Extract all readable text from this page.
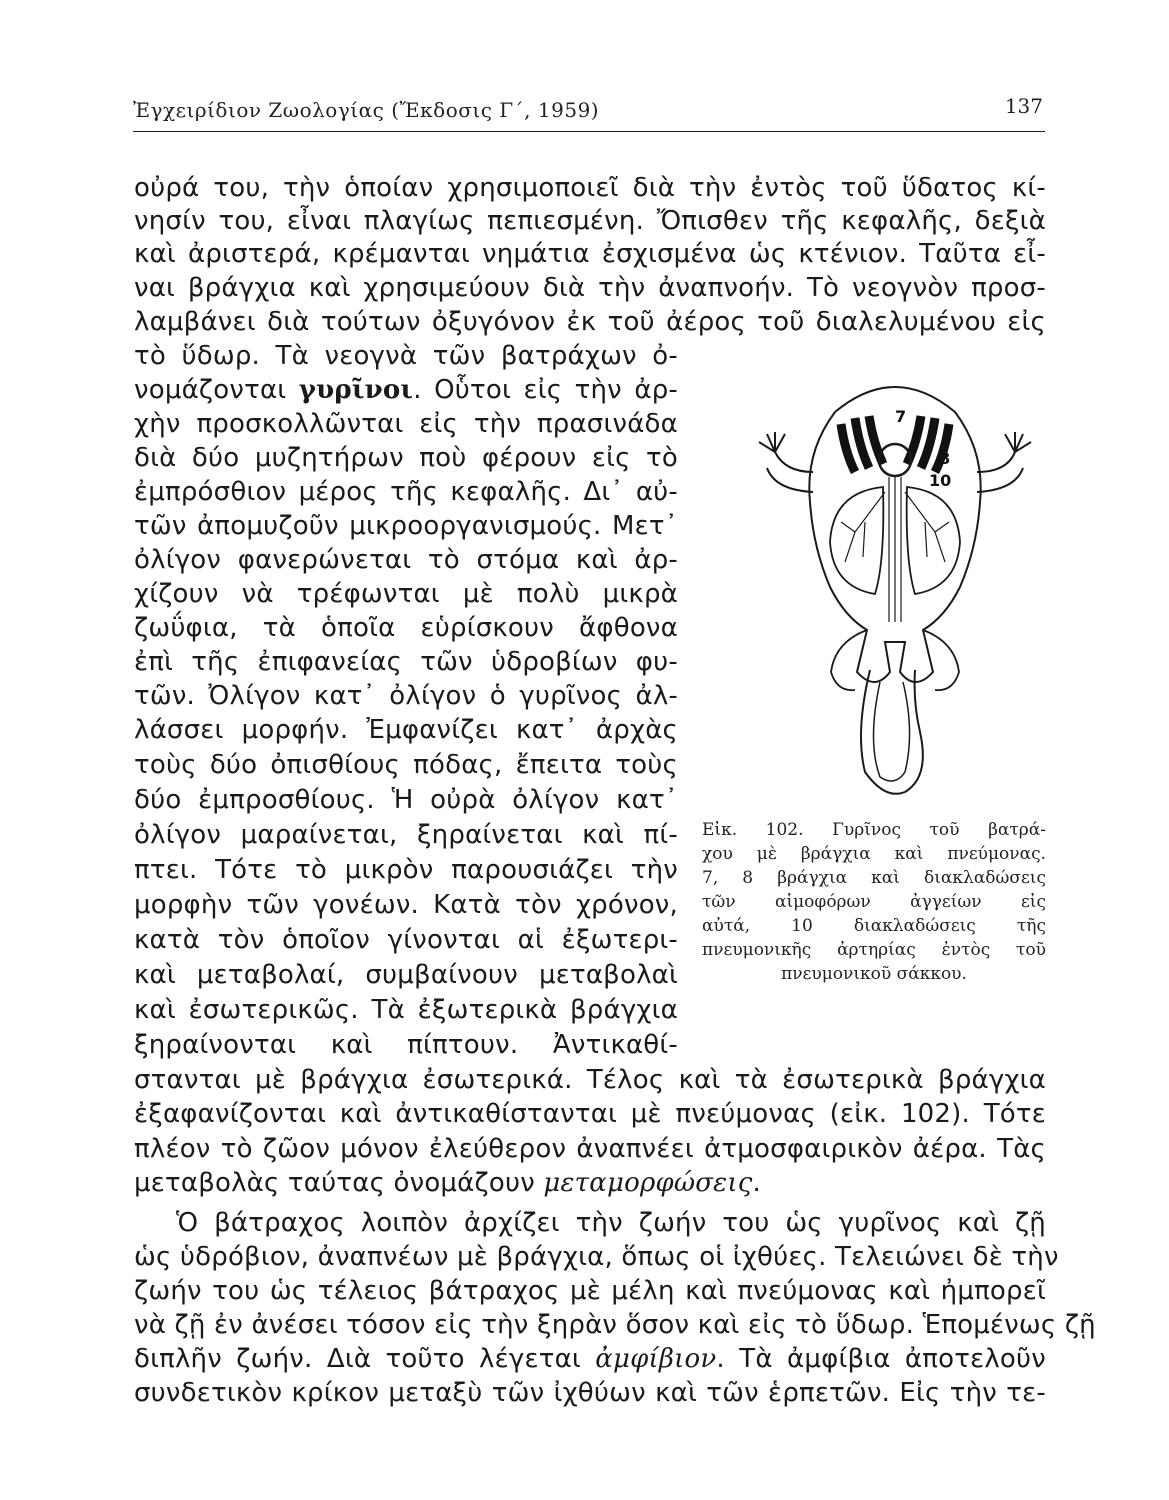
Ἐγχειρίδιον Ζωολογίας (Ἔκδοσις Γ΄, 1959)	137
οὐρά του, τὴν ὁποίαν χρησιμοποιεῖ διὰ τὴν ἐντὸς τοῦ ὕδατος κί-
νησίν του, εἶναι πλαγίως πεπιεσμένη. Ὄπισθεν τῆς κεφαλῆς, δεξιὰ
καὶ ἀριστερά, κρέμανται νημάτια ἐσχισμένα ὡς κτένιον. Ταῦτα εἶ-
ναι βράγχια καὶ χρησιμεύουν διὰ τὴν ἀναπνοήν. Τὸ νεογνὸν προσ-
λαμβάνει διὰ τούτων ὀξυγόνον ἐκ τοῦ ἀέρος τοῦ διαλελυμένου εἰς
τὸ ὕδωρ. Τὰ νεογνὰ τῶν βατράχων ὀ-
νομάζονται γυρῖνοι. Οὗτοι εἰς τὴν ἀρ-
χὴν προσκολλῶνται εἰς τὴν πρασινάδα
διὰ δύο μυζητήρων ποὺ φέρουν εἰς τὸ
ἐμπρόσθιον μέρος τῆς κεφαλῆς. Δι᾿ αὐ-
τῶν ἀπομυζοῦν μικροοργανισμούς. Μετ᾿
ὀλίγον φανερώνεται τὸ στόμα καὶ ἀρ-
χίζουν νὰ τρέφωνται μὲ πολὺ μικρὰ
ζωΰφια, τὰ ὁποῖα εὑρίσκουν ἄφθονα
ἐπὶ τῆς ἐπιφανείας τῶν ὑδροβίων φυ-
τῶν. Ὀλίγον κατ᾿ ὀλίγον ὁ γυρῖνος ἀλ-
λάσσει μορφήν. Ἐμφανίζει κατ᾿ ἀρχὰς
τοὺς δύο ὀπισθίους πόδας, ἔπειτα τοὺς
δύο ἐμπροσθίους. Ἡ οὐρὰ ὀλίγον κατ᾿
ὀλίγον μαραίνεται, ξηραίνεται καὶ πί-
πτει. Τότε τὸ μικρὸν παρουσιάζει τὴν
μορφὴν τῶν γονέων. Κατὰ τὸν χρόνον,
κατὰ τὸν ὁποῖον γίνονται αἱ ἐξωτερι-
καὶ μεταβολαί, συμβαίνουν μεταβολαὶ
καὶ ἐσωτερικῶς. Τὰ ἐξωτερικὰ βράγχια
ξηραίνονται καὶ πίπτουν. Ἀντικαθί-
στανται μὲ βράγχια ἐσωτερικά. Τέλος καὶ τὰ ἐσωτερικὰ βράγχια
ἐξαφανίζονται καὶ ἀντικαθίστανται μὲ πνεύμονας (εἰκ. 102). Τότε
πλέον τὸ ζῶον μόνον ἐλεύθερον ἀναπνέει ἀτμοσφαιρικὸν ἀέρα. Τὰς
μεταβολὰς ταύτας ὀνομάζουν μεταμορφώσεις.
Ὁ βάτραχος λοιπὸν ἀρχίζει τὴν ζωήν του ὡς γυρῖνος καὶ ζῇ
ὡς ὑδρόβιον, ἀναπνέων μὲ βράγχια, ὅπως οἱ ἰχθύες. Τελειώνει δὲ τὴν
ζωήν του ὡς τέλειος βάτραχος μὲ μέλη καὶ πνεύμονας καὶ ἠμπορεῖ
νὰ ζῇ ἐν ἀνέσει τόσον εἰς τὴν ξηρὰν ὅσον καὶ εἰς τὸ ὕδωρ. Ἑπομένως ζῇ
διπλῆν ζωήν. Διὰ τοῦτο λέγεται ἀμφίβιον. Τὰ ἀμφίβια ἀποτελοῦν
συνδετικὸν κρίκον μεταξὺ τῶν ἰχθύων καὶ τῶν ἑρπετῶν. Εἰς τὴν τε-
7
8
10
Εἰκ. 102. Γυρῖνος τοῦ βατρά-
χου μὲ βράγχια καὶ πνεύμονας.
7, 8 βράγχια καὶ διακλαδώσεις
τῶν αἱμοφόρων ἀγγείων εἰς
αὐτά, 10 διακλαδώσεις τῆς
πνευμονικῆς ἀρτηρίας ἐντὸς τοῦ
πνευμονικοῦ σάκκου.
